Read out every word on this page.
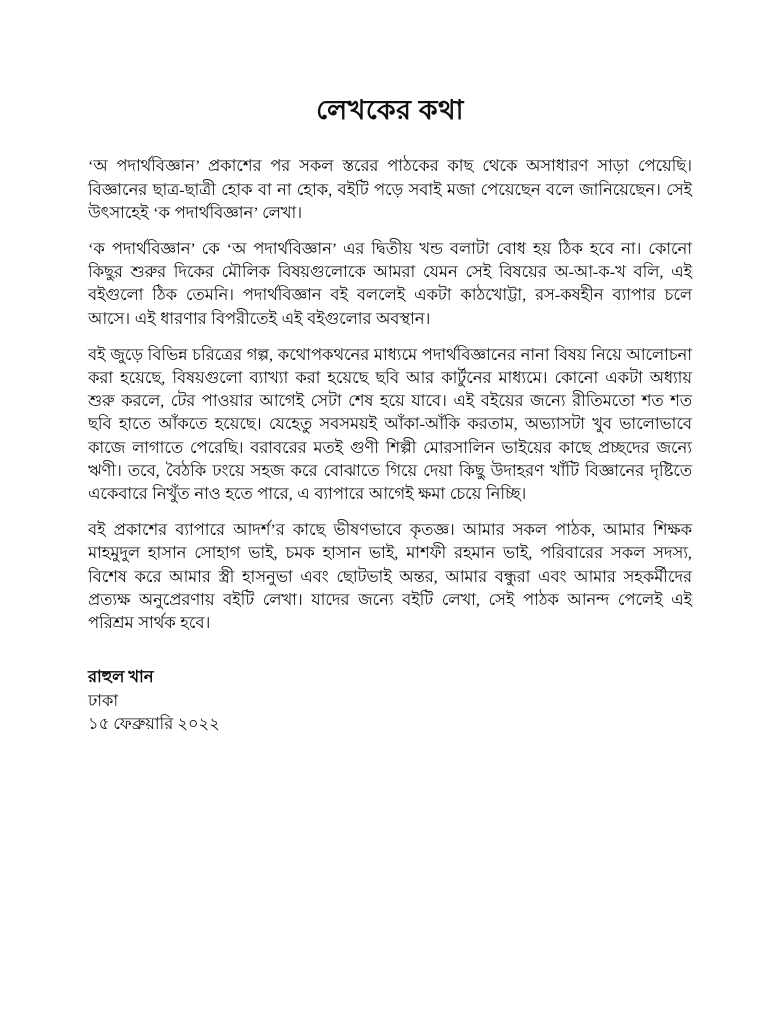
লেখকের কথা

‘অ পদার্থবিজ্ঞান’ প্রকাশের পর সকল স্তরের পাঠকের কাছ থেকে অসাধারণ সাড়া পেয়েছি। বিজ্ঞানের ছাত্র-ছাত্রী হোক বা না হোক, বইটি পড়ে সবাই মজা পেয়েছেন বলে জানিয়েছেন। সেই উৎসাহেই ‘ক পদার্থবিজ্ঞান’ লেখা।

‘ক পদার্থবিজ্ঞান’ কে ‘অ পদার্থবিজ্ঞান’ এর দ্বিতীয় খন্ড বলাটা বোধ হয় ঠিক হবে না। কোনো কিছুর শুরুর দিকের মৌলিক বিষয়গুলোকে আমরা যেমন সেই বিষয়ের অ-আ-ক-খ বলি, এই বইগুলো ঠিক তেমনি। পদার্থবিজ্ঞান বই বললেই একটা কাঠখোট্টা, রস-কষহীন ব্যাপার চলে আসে। এই ধারণার বিপরীতেই এই বইগুলোর অবস্থান।

বই জুড়ে বিভিন্ন চরিত্রের গল্প, কথোপকথনের মাধ্যমে পদার্থবিজ্ঞানের নানা বিষয় নিয়ে আলোচনা করা হয়েছে, বিষয়গুলো ব্যাখ্যা করা হয়েছে ছবি আর কার্টুনের মাধ্যমে। কোনো একটা অধ্যায় শুরু করলে, টের পাওয়ার আগেই সেটা শেষ হয়ে যাবে। এই বইয়ের জন্যে রীতিমতো শত শত ছবি হাতে আঁকতে হয়েছে। যেহেতু সবসময়ই আঁকা-আঁকি করতাম, অভ্যাসটা খুব ভালোভাবে কাজে লাগাতে পেরেছি। বরাবরের মতই গুণী শিল্পী মোরসালিন ভাইয়ের কাছে প্রচ্ছদের জন্যে ঋণী। তবে, বৈঠকি ঢংয়ে সহজ করে বোঝাতে গিয়ে দেয়া কিছু উদাহরণ খাঁটি বিজ্ঞানের দৃষ্টিতে একেবারে নিখুঁত নাও হতে পারে, এ ব্যাপারে আগেই ক্ষমা চেয়ে নিচ্ছি।

বই প্রকাশের ব্যাপারে আদর্শ’র কাছে ভীষণভাবে কৃতজ্ঞ। আমার সকল পাঠক, আমার শিক্ষক মাহমুদুল হাসান সোহাগ ভাই, চমক হাসান ভাই, মাশফী রহমান ভাই, পরিবারের সকল সদস্য, বিশেষ করে আমার স্ত্রী হাসনুভা এবং ছোটভাই অন্তর, আমার বন্ধুরা এবং আমার সহকর্মীদের প্রত্যক্ষ অনুপ্রেরণায় বইটি লেখা। যাদের জন্যে বইটি লেখা, সেই পাঠক আনন্দ পেলেই এই পরিশ্রম সার্থক হবে।

রাহুল খান

ঢাকা

১৫ ফেব্রুয়ারি ২০২২
